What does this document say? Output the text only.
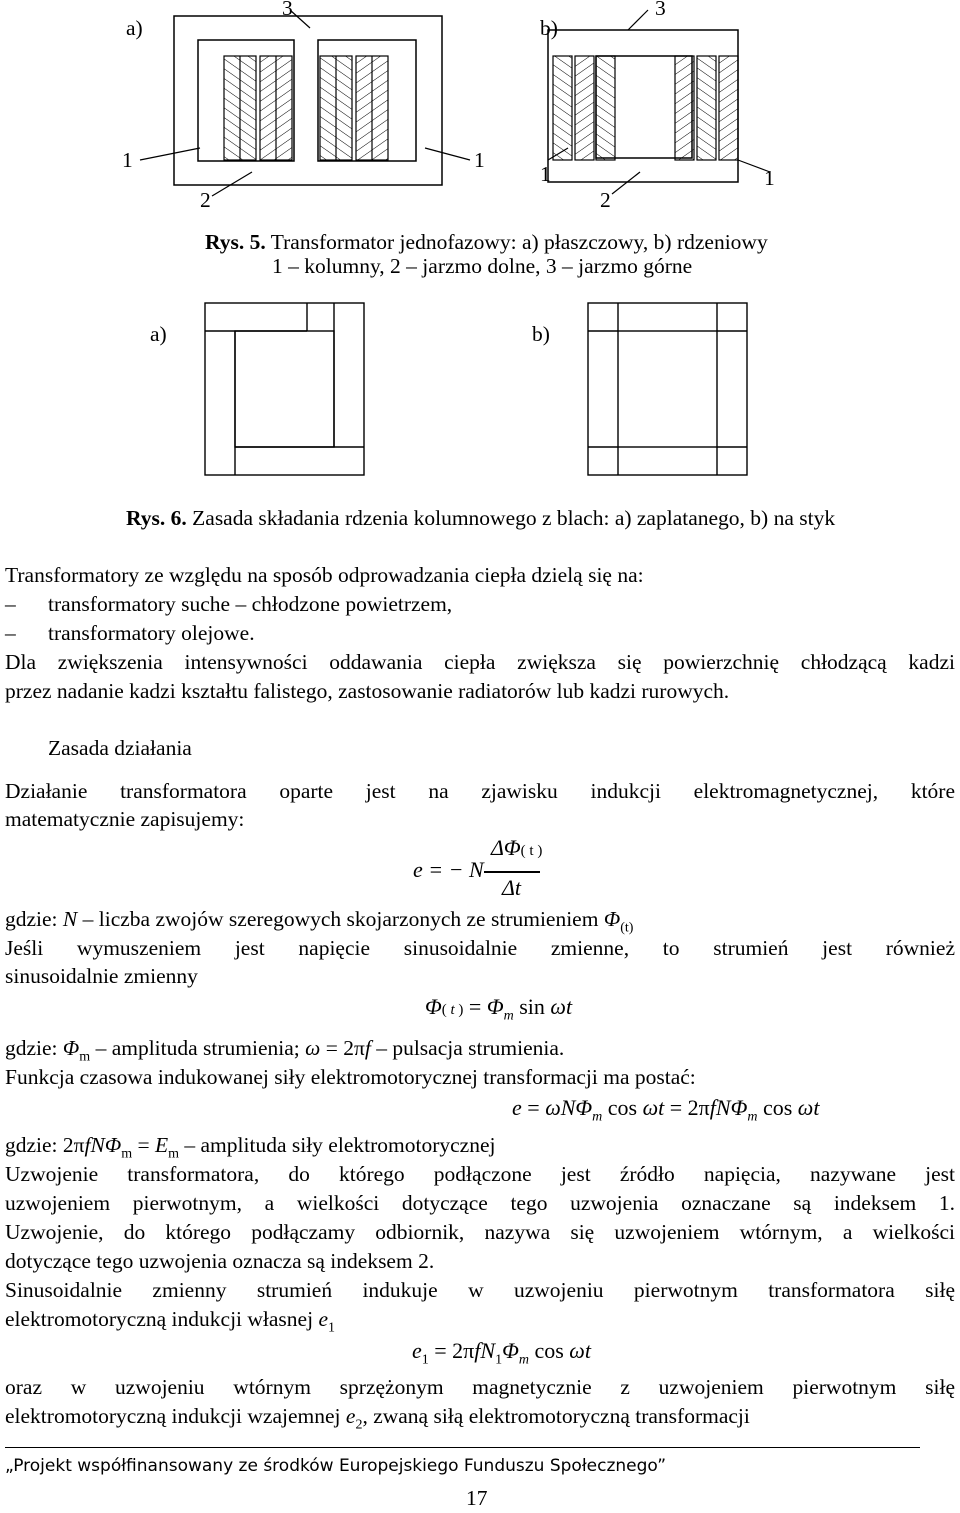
a)	b)
3	3
1	1
2
1
2
1
Rys. 5. Transformator jednofazowy: a) płaszczowy, b) rdzeniowy
1 – kolumny, 2 – jarzmo dolne, 3 – jarzmo górne
a)	b)
Rys. 6. Zasada składania rdzenia kolumnowego z blach: a) zaplatanego, b) na styk
Transformatory ze względu na sposób odprowadzania ciepła dzielą się na:
– transformatory suche – chłodzone powietrzem,
– transformatory olejowe.
Dla zwiększenia intensywności oddawania ciepła zwiększa się powierzchnię chłodzącą kadzi
przez nadanie kadzi kształtu falistego, zastosowanie radiatorów lub kadzi rurowych.
Zasada działania
Działanie transformatora oparte jest na zjawisku indukcji elektromagnetycznej, które
matematycznie zapisujemy:
e = − N
ΔΦ( t )
Δt
gdzie: N – liczba zwojów szeregowych skojarzonych ze strumieniem $\Phi_{(t)}$
Jeśli wymuszeniem jest napięcie sinusoidalnie zmienne, to strumień jest również
sinusoidalnie zmienny
Φ( t ) = $\Phi_m$ sin ωt
gdzie: $\Phi_m$ – amplituda strumienia; ω = 2πf – pulsacja strumienia.
Funkcja czasowa indukowanej siły elektromotorycznej transformacji ma postać:
e = ωNΦ$_m$ cos ωt = 2πfNΦ$_m$ cos ωt
gdzie: $2\pi fN\Phi_m = E_m$ – amplituda siły elektromotorycznej
Uzwojenie transformatora, do którego podłączone jest źródło napięcia, nazywane jest
uzwojeniem pierwotnym, a wielkości dotyczące tego uzwojenia oznaczane są indeksem 1.
Uzwojenie, do którego podłączamy odbiornik, nazywa się uzwojeniem wtórnym, a wielkości
dotyczące tego uzwojenia oznacza są indeksem 2.
Sinusoidalnie zmienny strumień indukuje w uzwojeniu pierwotnym transformatora siłę
elektromotoryczną indukcji własnej $e_1$
$e_1 = 2\pi fN_1\Phi_m$ cos ωt
oraz w uzwojeniu wtórnym sprzężonym magnetycznie z uzwojeniem pierwotnym siłę
elektromotoryczną indukcji wzajemnej $e_2$, zwaną siłą elektromotoryczną transformacji
„Projekt współfinansowany ze środków Europejskiego Funduszu Społecznego”
17
